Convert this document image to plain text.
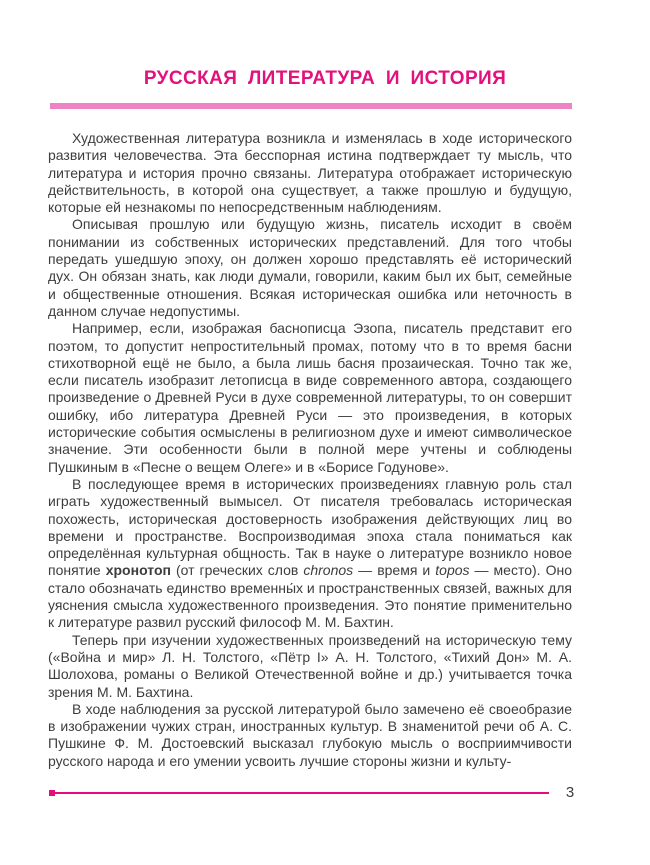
РУССКАЯ ЛИТЕРАТУРА И ИСТОРИЯ

Художественная литература возникла и изменялась в ходе исторического развития человечества. Эта бесспорная истина подтверждает ту мысль, что литература и история прочно связаны. Литература отображает историческую действительность, в которой она существует, а также прошлую и будущую, которые ей незнакомы по непосредственным наблюдениям.

Описывая прошлую или будущую жизнь, писатель исходит в своём понимании из собственных исторических представлений. Для того чтобы передать ушедшую эпоху, он должен хорошо представлять её исторический дух. Он обязан знать, как люди думали, говорили, каким был их быт, семейные и общественные отношения. Всякая историческая ошибка или неточность в данном случае недопустимы.

Например, если, изображая баснописца Эзопа, писатель представит его поэтом, то допустит непростительный промах, потому что в то время басни стихотворной ещё не было, а была лишь басня прозаическая. Точно так же, если писатель изобразит летописца в виде современного автора, создающего произведение о Древней Руси в духе современной литературы, то он совершит ошибку, ибо литература Древней Руси — это произведения, в которых исторические события осмыслены в религиозном духе и имеют символическое значение. Эти особенности были в полной мере учтены и соблюдены Пушкиным в «Песне о вещем Олеге» и в «Борисе Годунове».

В последующее время в исторических произведениях главную роль стал играть художественный вымысел. От писателя требовалась историческая похожесть, историческая достоверность изображения действующих лиц во времени и пространстве. Воспроизводимая эпоха стала пониматься как определённая культурная общность. Так в науке о литературе возникло новое понятие хронотоп (от греческих слов chronos — время и topos — место). Оно стало обозначать единство временны́х и пространственных связей, важных для уяснения смысла художественного произведения. Это понятие применительно к литературе развил русский философ М. М. Бахтин.

Теперь при изучении художественных произведений на историческую тему («Война и мир» Л. Н. Толстого, «Пётр I» А. Н. Толстого, «Тихий Дон» М. А. Шолохова, романы о Великой Отечественной войне и др.) учитывается точка зрения М. М. Бахтина.

В ходе наблюдения за русской литературой было замечено её своеобразие в изображении чужих стран, иностранных культур. В знаменитой речи об А. С. Пушкине Ф. М. Достоевский высказал глубокую мысль о восприимчивости русского народа и его умении усвоить лучшие стороны жизни и культу-

3
